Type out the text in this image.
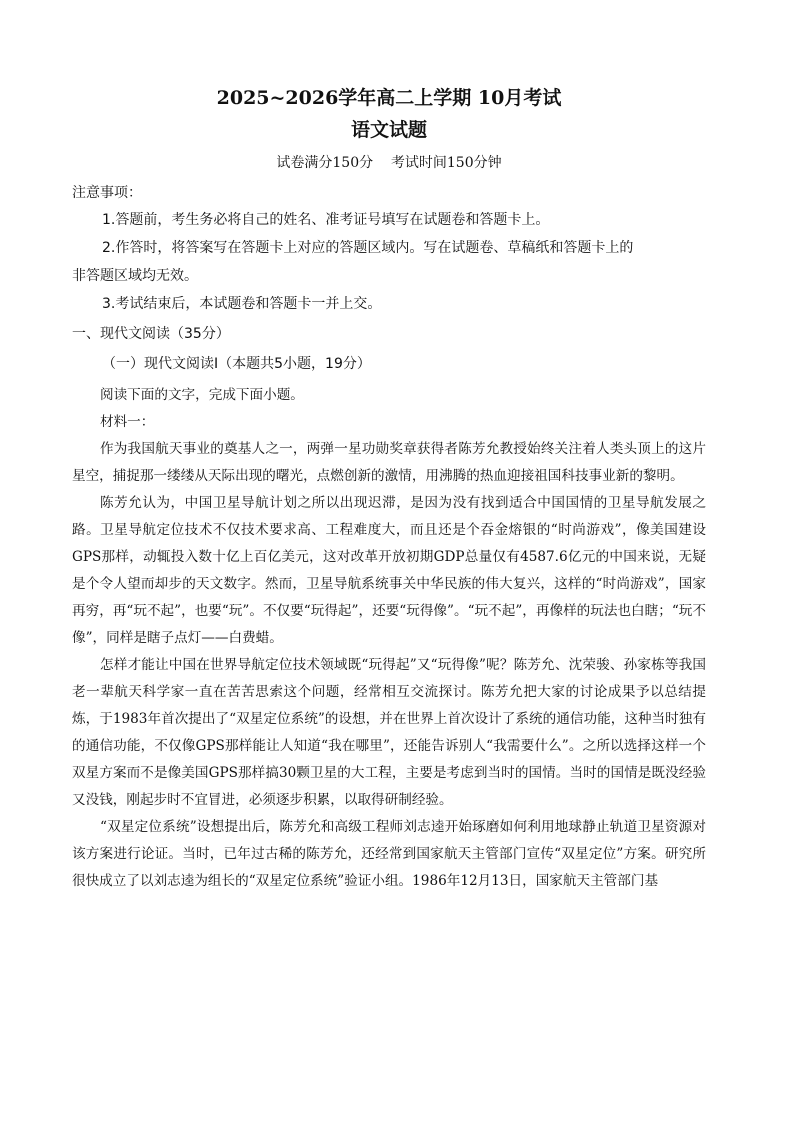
2025~2026学年高二上学期 10月考试
语文试题

试卷满分150分    考试时间150分钟

注意事项：

1.答题前，考生务必将自己的姓名、准考证号填写在试题卷和答题卡上。

2.作答时，将答案写在答题卡上对应的答题区域内。写在试题卷、草稿纸和答题卡上的

非答题区域均无效。

3.考试结束后，本试题卷和答题卡一并上交。

一、现代文阅读（35分）

（一）现代文阅读Ⅰ（本题共5小题，19分）

阅读下面的文字，完成下面小题。

材料一：

作为我国航天事业的奠基人之一，两弹一星功勋奖章获得者陈芳允教授始终关注着人类头顶上的这片星空，捕捉那一缕缕从天际出现的曙光，点燃创新的激情，用沸腾的热血迎接祖国科技事业新的黎明。

陈芳允认为，中国卫星导航计划之所以出现迟滞，是因为没有找到适合中国国情的卫星导航发展之路。卫星导航定位技术不仅技术要求高、工程难度大，而且还是个吞金熔银的“时尚游戏”，像美国建设GPS那样，动辄投入数十亿上百亿美元，这对改革开放初期GDP总量仅有4587.6亿元的中国来说，无疑是个令人望而却步的天文数字。然而，卫星导航系统事关中华民族的伟大复兴，这样的“时尚游戏”，国家再穷，再“玩不起”，也要“玩”。不仅要“玩得起”，还要“玩得像”。“玩不起”，再像样的玩法也白瞎；“玩不像”，同样是瞎子点灯——白费蜡。

怎样才能让中国在世界导航定位技术领域既“玩得起”又“玩得像”呢？陈芳允、沈荣骏、孙家栋等我国老一辈航天科学家一直在苦苦思索这个问题，经常相互交流探讨。陈芳允把大家的讨论成果予以总结提炼，于1983年首次提出了“双星定位系统”的设想，并在世界上首次设计了系统的通信功能，这种当时独有的通信功能，不仅像GPS那样能让人知道“我在哪里”，还能告诉别人“我需要什么”。之所以选择这样一个双星方案而不是像美国GPS那样搞30颗卫星的大工程，主要是考虑到当时的国情。当时的国情是既没经验又没钱，刚起步时不宜冒进，必须逐步积累，以取得研制经验。

“双星定位系统”设想提出后，陈芳允和高级工程师刘志逵开始琢磨如何利用地球静止轨道卫星资源对该方案进行论证。当时，已年过古稀的陈芳允，还经常到国家航天主管部门宣传“双星定位”方案。研究所很快成立了以刘志逵为组长的“双星定位系统”验证小组。1986年12月13日，国家航天主管部门基
